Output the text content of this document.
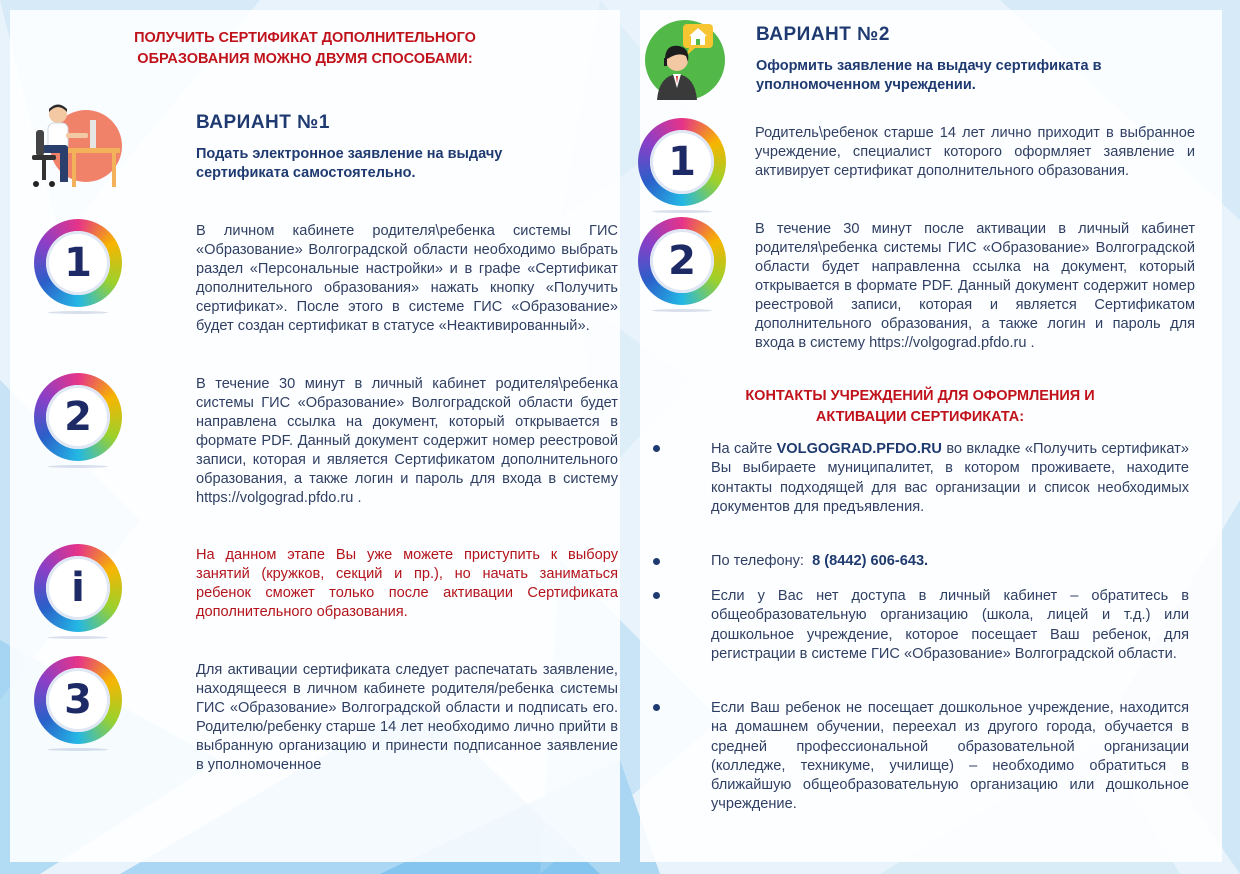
ПОЛУЧИТЬ СЕРТИФИКАТ ДОПОЛНИТЕЛЬНОГО ОБРАЗОВАНИЯ МОЖНО ДВУМЯ СПОСОБАМИ:
ВАРИАНТ №1
Подать электронное заявление на выдачу сертификата самостоятельно.
1
В личном кабинете родителя\ребенка системы ГИС «Образование» Волгоградской области необходимо выбрать раздел «Персональные настройки» и в графе «Сертификат дополнительного образования» нажать кнопку «Получить сертификат». После этого в системе ГИС «Образование» будет создан сертификат в статусе «Неактивированный».
2
В течение 30 минут в личный кабинет родителя\ребенка системы ГИС «Образование» Волгоградской области будет направлена ссылка на документ, который открывается в формате PDF. Данный документ содержит номер реестровой записи, которая и является Сертификатом дополнительного образования, а также логин и пароль для входа в систему https://volgograd.pfdo.ru .
i
На данном этапе Вы уже можете приступить к выбору занятий (кружков, секций и пр.), но начать заниматься ребенок сможет только после активации Сертификата дополнительного образования.
3
Для активации сертификата следует распечатать заявление, находящееся в личном кабинете родителя/ребенка системы ГИС «Образование» Волгоградской области и подписать его. Родителю/ребенку старше 14 лет необходимо лично прийти в выбранную организацию и принести подписанное заявление в уполномоченное
ВАРИАНТ №2
Оформить заявление на выдачу сертификата в уполномоченном учреждении.
1
Родитель\ребенок старше 14 лет лично приходит в выбранное учреждение, специалист которого оформляет заявление и активирует сертификат дополнительного образования.
2
В течение 30 минут после активации в личный кабинет родителя\ребенка системы ГИС «Образование» Волгоградской области будет направленна ссылка на документ, который открывается в формате PDF. Данный документ содержит номер реестровой записи, которая и является Сертификатом дополнительного образования, а также логин и пароль для входа в систему https://volgograd.pfdo.ru .
КОНТАКТЫ УЧРЕЖДЕНИЙ ДЛЯ ОФОРМЛЕНИЯ И АКТИВАЦИИ СЕРТИФИКАТА:
На сайте VOLGOGRAD.PFDO.RU во вкладке «Получить сертификат» Вы выбираете муниципалитет, в котором проживаете, находите контакты подходящей для вас организации и список необходимых документов для предъявления.
По телефону: 8 (8442) 606-643.
Если у Вас нет доступа в личный кабинет – обратитесь в общеобразовательную организацию (школа, лицей и т.д.) или дошкольное учреждение, которое посещает Ваш ребенок, для регистрации в системе ГИС «Образование» Волгоградской области.
Если Ваш ребенок не посещает дошкольное учреждение, находится на домашнем обучении, переехал из другого города, обучается в средней профессиональной образовательной организации (колледже, техникуме, училище) – необходимо обратиться в ближайшую общеобразовательную организацию или дошкольное учреждение.
